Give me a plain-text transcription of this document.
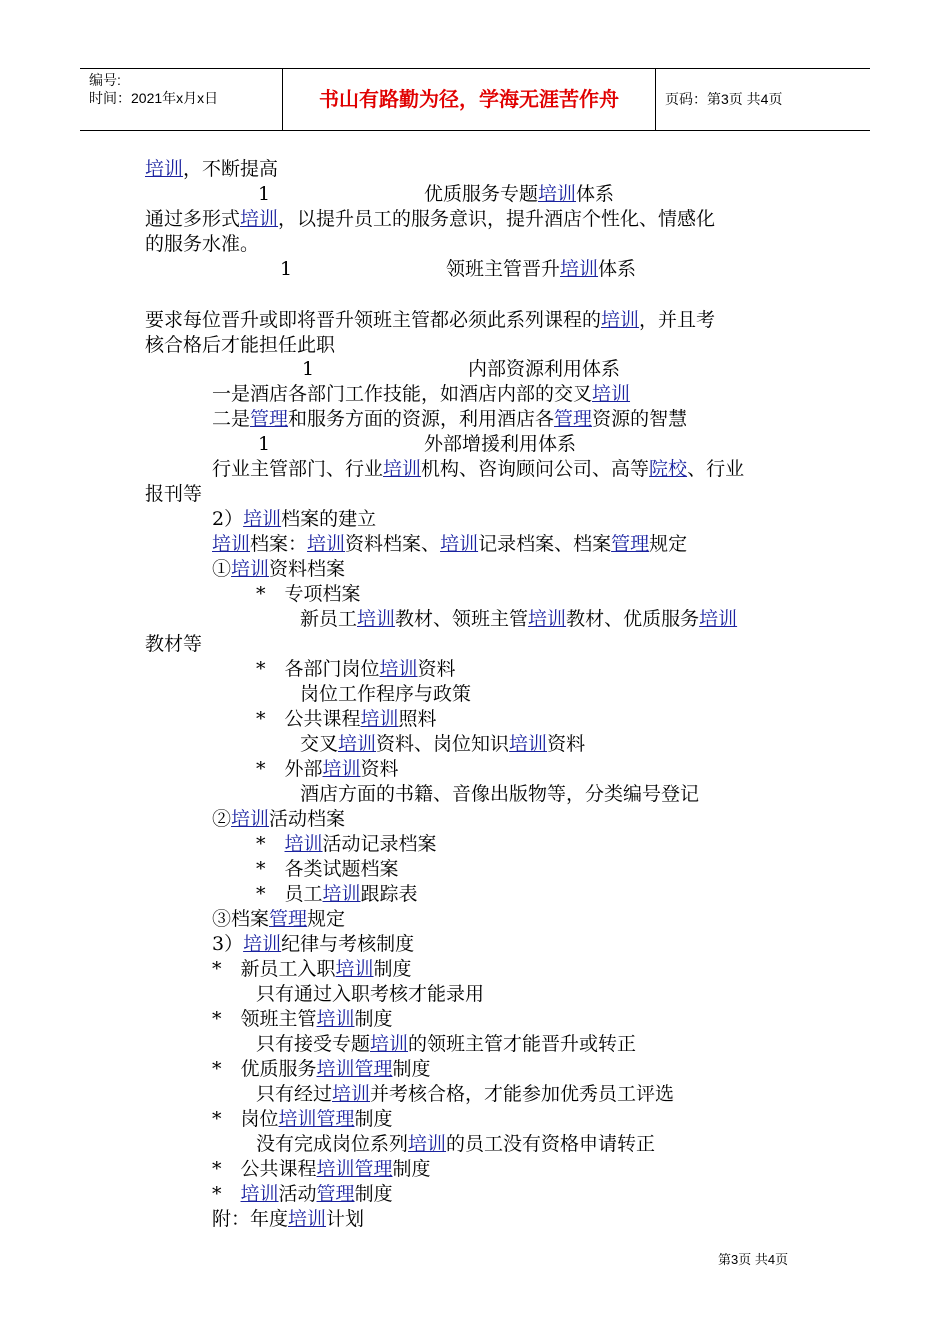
编号:
时间：2021年x月x日	书山有路勤为径，学海无涯苦作舟	页码：第3页 共4页
培训，不断提高
1	优质服务专题培训体系
通过多形式培训，以提升员工的服务意识，提升酒店个性化、情感化
的服务水准。
1	领班主管晋升培训体系
要求每位晋升或即将晋升领班主管都必须此系列课程的培训，并且考
核合格后才能担任此职
1	内部资源利用体系
一是酒店各部门工作技能，如酒店内部的交叉培训
二是管理和服务方面的资源，利用酒店各管理资源的智慧
1	外部增援利用体系
行业主管部门、行业培训机构、咨询顾问公司、高等院校、行业
报刊等
2）培训档案的建立
培训档案：培训资料档案、培训记录档案、档案管理规定
①培训资料档案
*　专项档案
新员工培训教材、领班主管培训教材、优质服务培训
教材等
*　各部门岗位培训资料
岗位工作程序与政策
*　公共课程培训照料
交叉培训资料、岗位知识培训资料
*　外部培训资料
酒店方面的书籍、音像出版物等，分类编号登记
②培训活动档案
*　培训活动记录档案
*　各类试题档案
*　员工培训跟踪表
③档案管理规定
3）培训纪律与考核制度
*　新员工入职培训制度
只有通过入职考核才能录用
*　领班主管培训制度
只有接受专题培训的领班主管才能晋升或转正
*　优质服务培训管理制度
只有经过培训并考核合格，才能参加优秀员工评选
*　岗位培训管理制度
没有完成岗位系列培训的员工没有资格申请转正
*　公共课程培训管理制度
*　培训活动管理制度
附：年度培训计划
第3页 共4页
